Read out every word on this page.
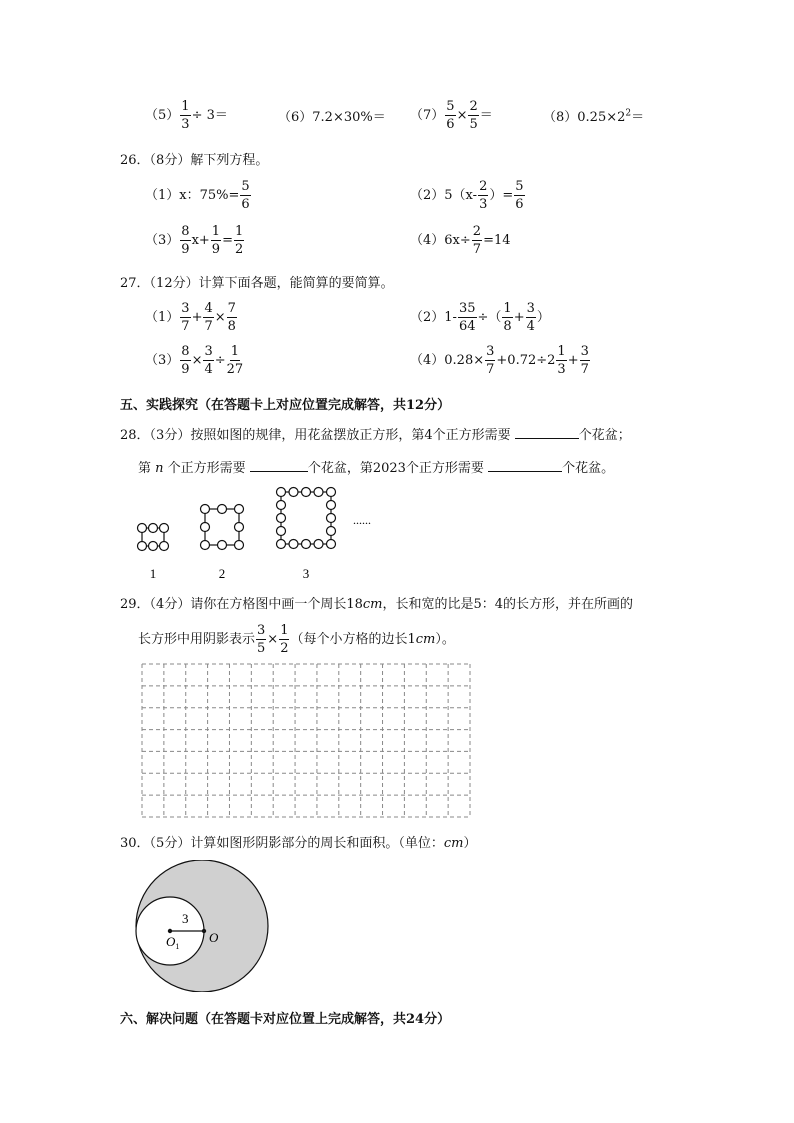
$(5) \frac{1}{3} \div 3=$	$(6)7.2\times 30\%= (7) \frac{5}{6} \times \frac{2}{5}$ ＝	$(8)0.25\times 2^2=$
26．（8分）解下列方程。
（1）x：$75\%= \frac{5}{6}$	$(2)5(x- \frac{2}{3}$ ）= $\frac{5}{6}$
$(3) \frac{8}{9} x+ \frac{1}{9} = \frac{1}{2}$	$(4)6x\div \frac{2}{7} =14$
27．（12分）计算下面各题，能简算的要简算。
$(1) \frac{3}{7} + \frac{4}{7} \times \frac{7}{8}$	$(2)1- \frac{35}{64}$ ÷（ $\frac{1}{8} + \frac{3}{4}$ ）
$(3) \frac{8}{9} \times \frac{3}{4} \div \frac{1}{27}$	$(4)0.28\times \frac{3}{7} +0.72\div 2 \frac{1}{3} + \frac{3}{7}$
五、实践探究（在答题卡上对应位置完成解答，共12分）
28．（3分）按照如图的规律，用花盆摆放正方形，第4个正方形需要	个花盆；
第 n 个正方形需要	个花盆，第2023个正方形需要	个花盆。
......
1	2	3
29．（4分）请你在方格图中画一个周长18cm，长和宽的比是5：4的长方形，并在所画的
长方形中用阴影表示 $\frac{3}{5} \times \frac{1}{2}$ （每个小方格的边长1cm）。
30．（5分）计算如图形阴影部分的周长和面积。（单位：cm）
3
O
$O_1$
六、解决问题（在答题卡对应位置上完成解答，共24分）
